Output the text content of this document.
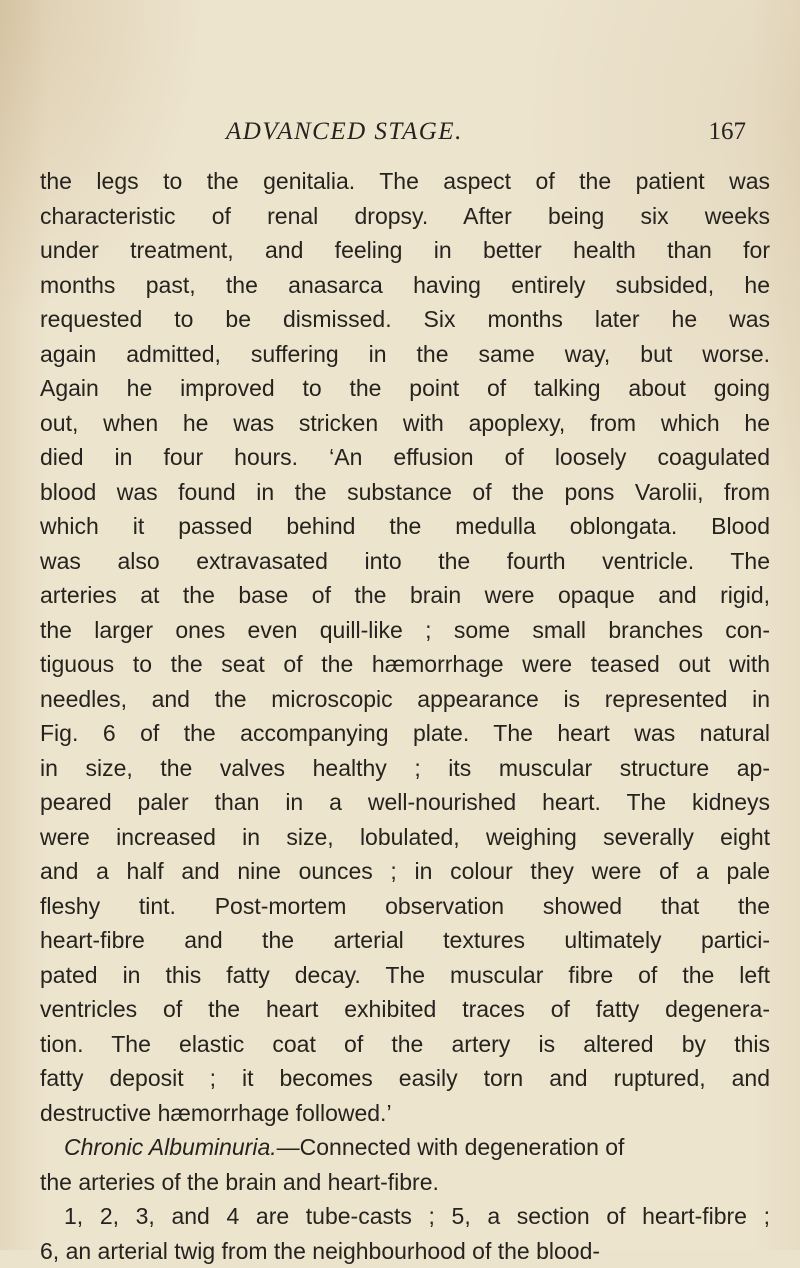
ADVANCED STAGE.	167
the legs to the genitalia. The aspect of the patient was
characteristic of renal dropsy. After being six weeks
under treatment, and feeling in better health than for
months past, the anasarca having entirely subsided, he
requested to be dismissed. Six months later he was
again admitted, suffering in the same way, but worse.
Again he improved to the point of talking about going
out, when he was stricken with apoplexy, from which he
died in four hours. ‘An effusion of loosely coagulated
blood was found in the substance of the pons Varolii, from
which it passed behind the medulla oblongata. Blood
was also extravasated into the fourth ventricle. The
arteries at the base of the brain were opaque and rigid,
the larger ones even quill-like ; some small branches con-
tiguous to the seat of the hæmorrhage were teased out with
needles, and the microscopic appearance is represented in
Fig. 6 of the accompanying plate. The heart was natural
in size, the valves healthy ; its muscular structure ap-
peared paler than in a well-nourished heart. The kidneys
were increased in size, lobulated, weighing severally eight
and a half and nine ounces ; in colour they were of a pale
fleshy tint. Post-mortem observation showed that the
heart-fibre and the arterial textures ultimately partici-
pated in this fatty decay. The muscular fibre of the left
ventricles of the heart exhibited traces of fatty degenera-
tion. The elastic coat of the artery is altered by this
fatty deposit ; it becomes easily torn and ruptured, and
destructive hæmorrhage followed.’
Chronic Albuminuria.—Connected with degeneration of
the arteries of the brain and heart-fibre.
1, 2, 3, and 4 are tube-casts ; 5, a section of heart-fibre ;
6, an arterial twig from the neighbourhood of the blood-
